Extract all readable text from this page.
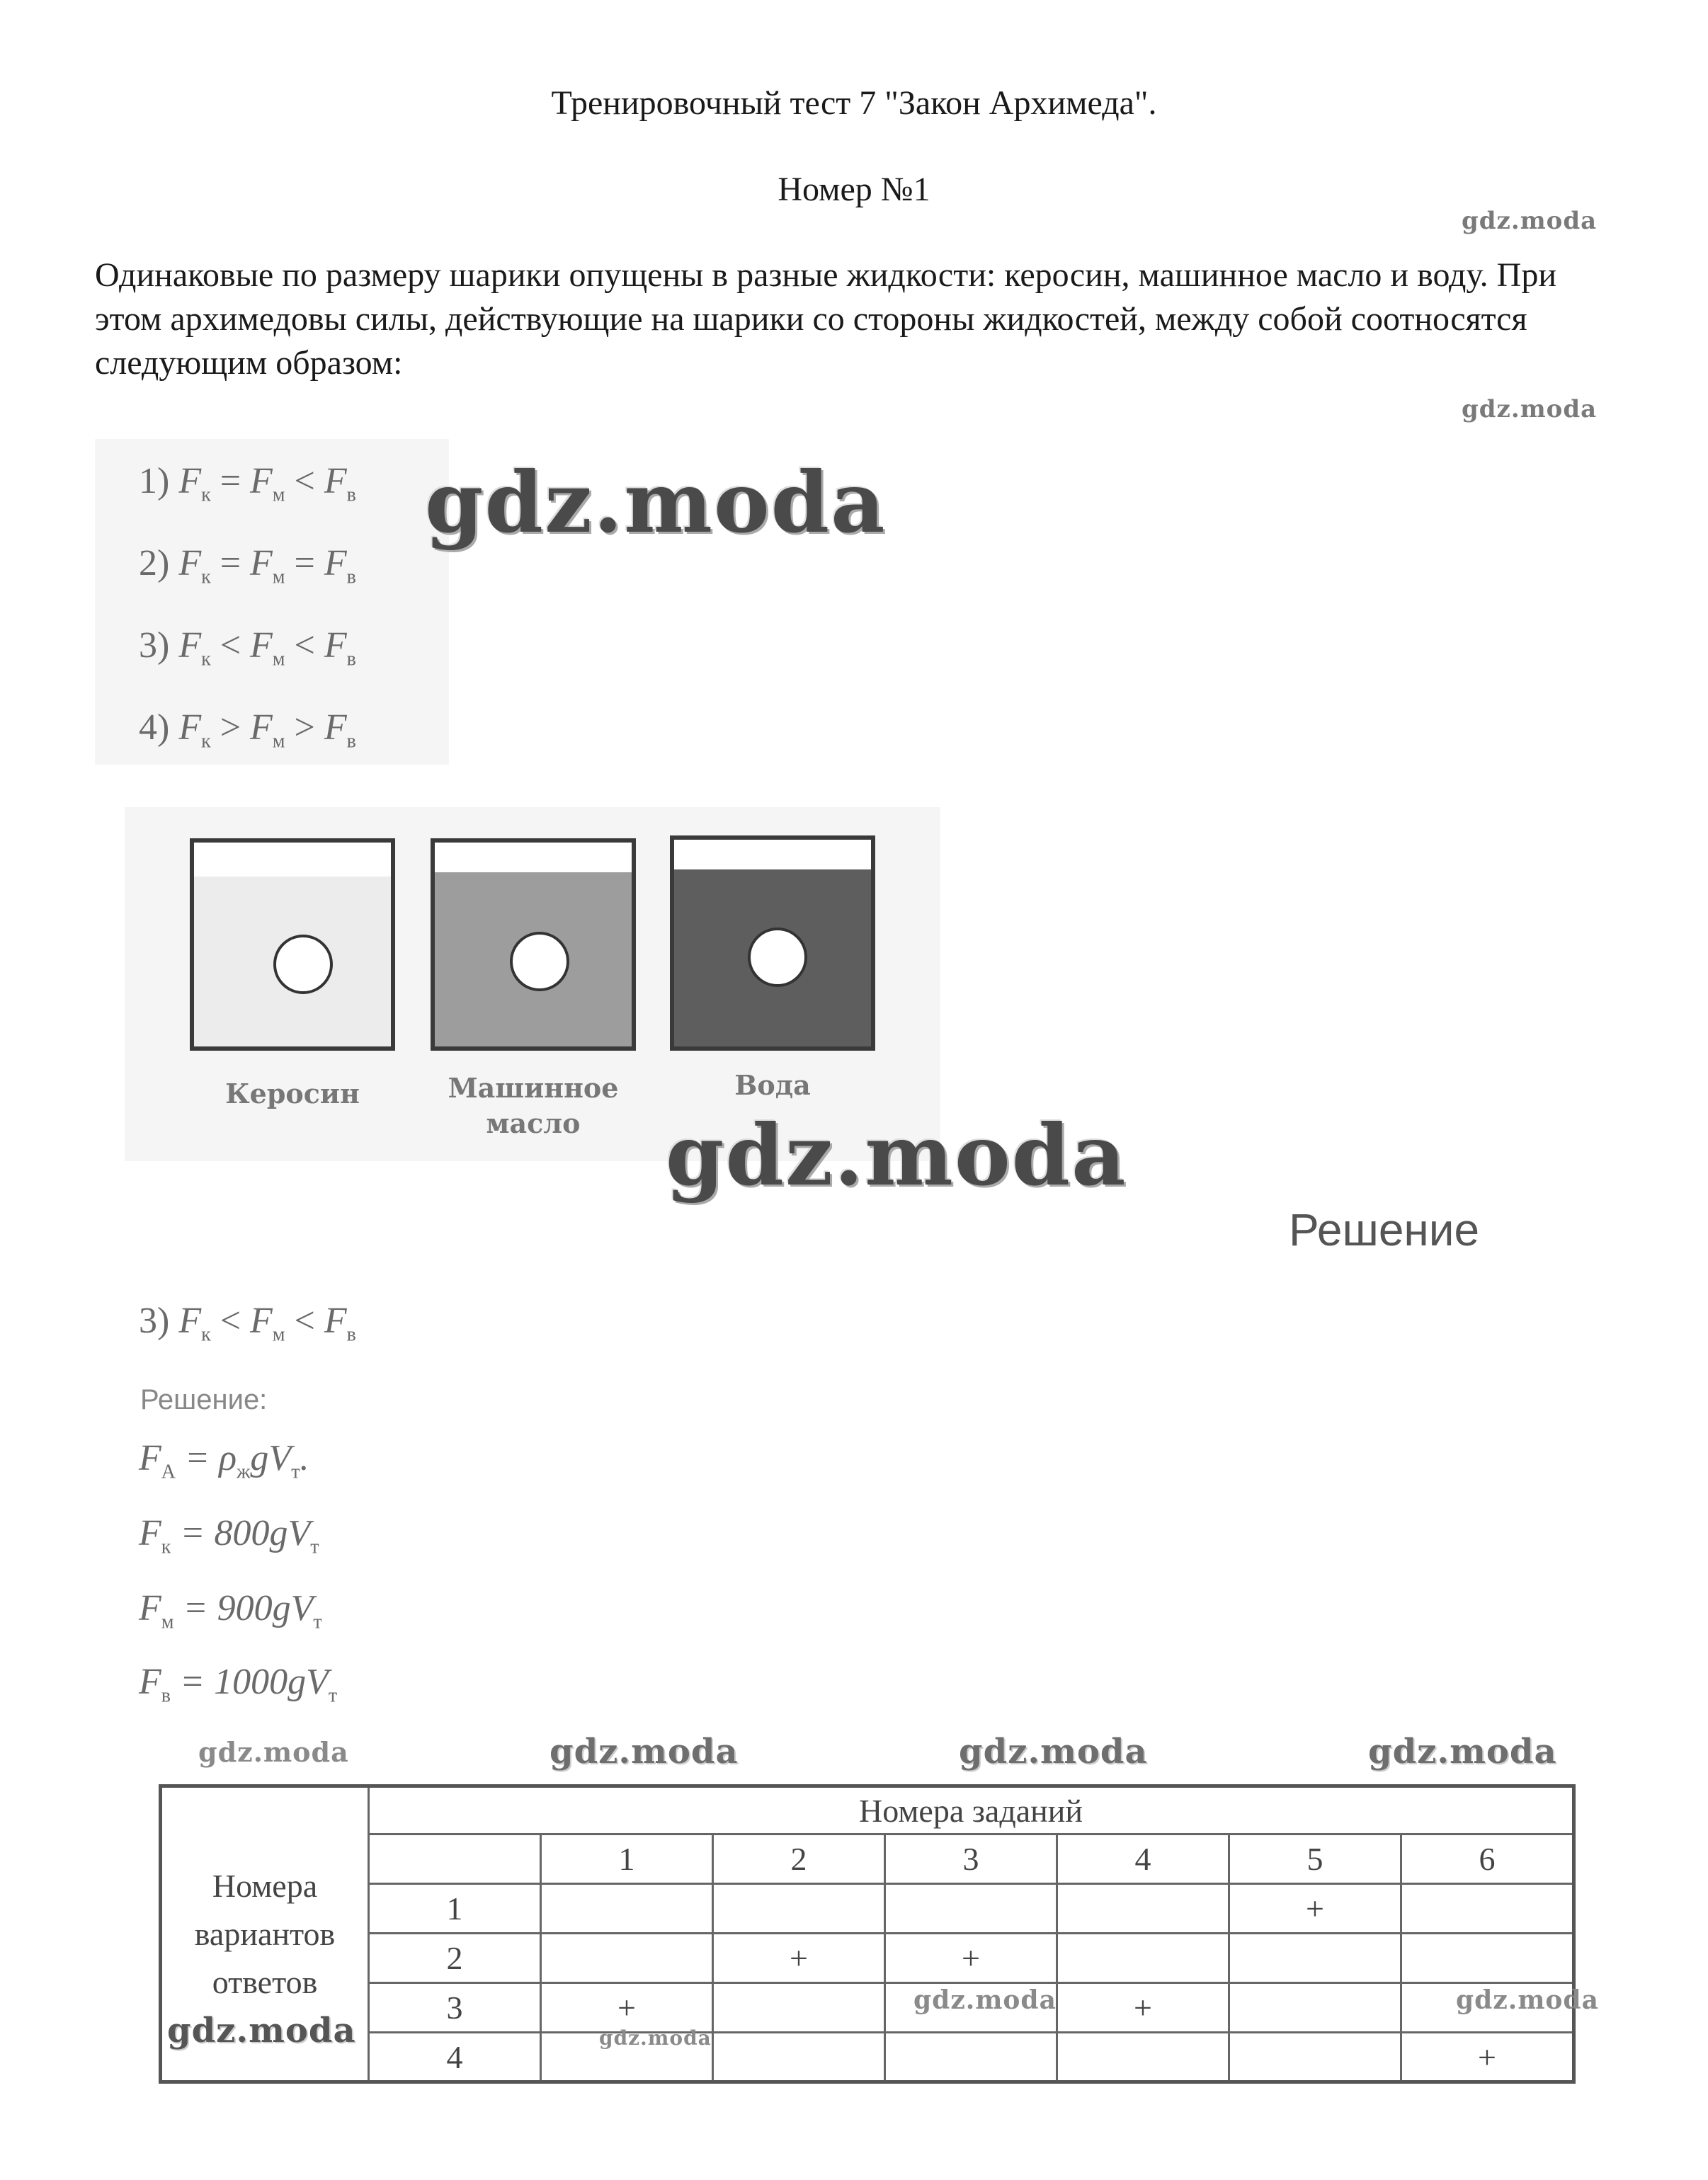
Тренировочный тест 7 "Закон Архимеда".
Номер №1
gdz.moda
Одинаковые по размеру шарики опущены в разные жидкости: керосин, машинное масло и воду. При этом архимедовы силы, действующие на шарики со стороны жидкостей, между собой соотносятся следующим образом:
gdz.moda
1) $F_к = F_м < F_в$
2) $F_к = F_м = F_в$
3) $F_к < F_м < F_в$
4) $F_к > F_м > F_в$
gdz.moda
Керосин	Машинное
масло
Вода
gdz.moda
Решение
3) $F_к < F_м < F_в$
Решение:
$F_А = \rho_жgV_т$.
$F_к = 800gV_т$
$F_м = 900gV_т$
$F_в = 1000gV_т$
gdz.moda	gdz.moda	gdz.moda	gdz.moda
Номера
вариантов
ответов	Номера заданий						
		1	2	3	4	5	6
	1					+	
	2		+	+			
	3	+			+		
	4						+
gdz.moda
gdz.moda	gdz.moda
gdz.moda
